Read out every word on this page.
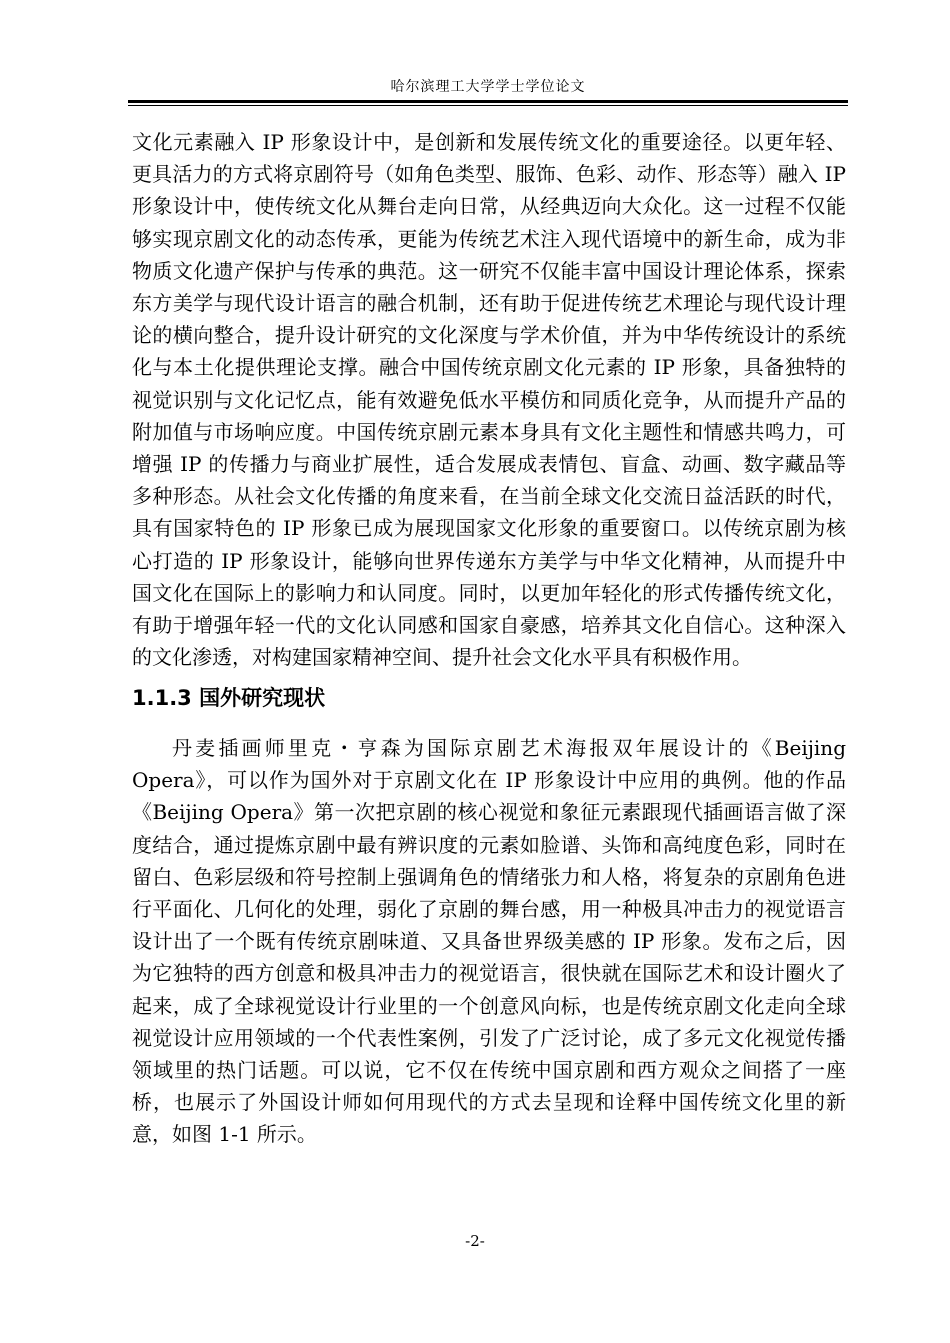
哈尔滨理工大学学士学位论文

文化元素融入 IP 形象设计中，是创新和发展传统文化的重要途径。以更年轻、更具活力的方式将京剧符号（如角色类型、服饰、色彩、动作、形态等）融入 IP 形象设计中，使传统文化从舞台走向日常，从经典迈向大众化。这一过程不仅能够实现京剧文化的动态传承，更能为传统艺术注入现代语境中的新生命，成为非物质文化遗产保护与传承的典范。这一研究不仅能丰富中国设计理论体系，探索东方美学与现代设计语言的融合机制，还有助于促进传统艺术理论与现代设计理论的横向整合，提升设计研究的文化深度与学术价值，并为中华传统设计的系统化与本土化提供理论支撑。融合中国传统京剧文化元素的 IP 形象，具备独特的视觉识别与文化记忆点，能有效避免低水平模仿和同质化竞争，从而提升产品的附加值与市场响应度。中国传统京剧元素本身具有文化主题性和情感共鸣力，可增强 IP 的传播力与商业扩展性，适合发展成表情包、盲盒、动画、数字藏品等多种形态。从社会文化传播的角度来看，在当前全球文化交流日益活跃的时代，具有国家特色的 IP 形象已成为展现国家文化形象的重要窗口。以传统京剧为核心打造的 IP 形象设计，能够向世界传递东方美学与中华文化精神，从而提升中国文化在国际上的影响力和认同度。同时，以更加年轻化的形式传播传统文化，有助于增强年轻一代的文化认同感和国家自豪感，培养其文化自信心。这种深入的文化渗透，对构建国家精神空间、提升社会文化水平具有积极作用。

1.1.3 国外研究现状

丹麦插画师里克・亨森为国际京剧艺术海报双年展设计的《Beijing Opera》，可以作为国外对于京剧文化在 IP 形象设计中应用的典例。他的作品《Beijing Opera》第一次把京剧的核心视觉和象征元素跟现代插画语言做了深度结合，通过提炼京剧中最有辨识度的元素如脸谱、头饰和高纯度色彩，同时在留白、色彩层级和符号控制上强调角色的情绪张力和人格，将复杂的京剧角色进行平面化、几何化的处理，弱化了京剧的舞台感，用一种极具冲击力的视觉语言设计出了一个既有传统京剧味道、又具备世界级美感的 IP 形象。发布之后，因为它独特的西方创意和极具冲击力的视觉语言，很快就在国际艺术和设计圈火了起来，成了全球视觉设计行业里的一个创意风向标，也是传统京剧文化走向全球视觉设计应用领域的一个代表性案例，引发了广泛讨论，成了多元文化视觉传播领域里的热门话题。可以说，它不仅在传统中国京剧和西方观众之间搭了一座桥，也展示了外国设计师如何用现代的方式去呈现和诠释中国传统文化里的新意，如图 1-1 所示。

-2-
